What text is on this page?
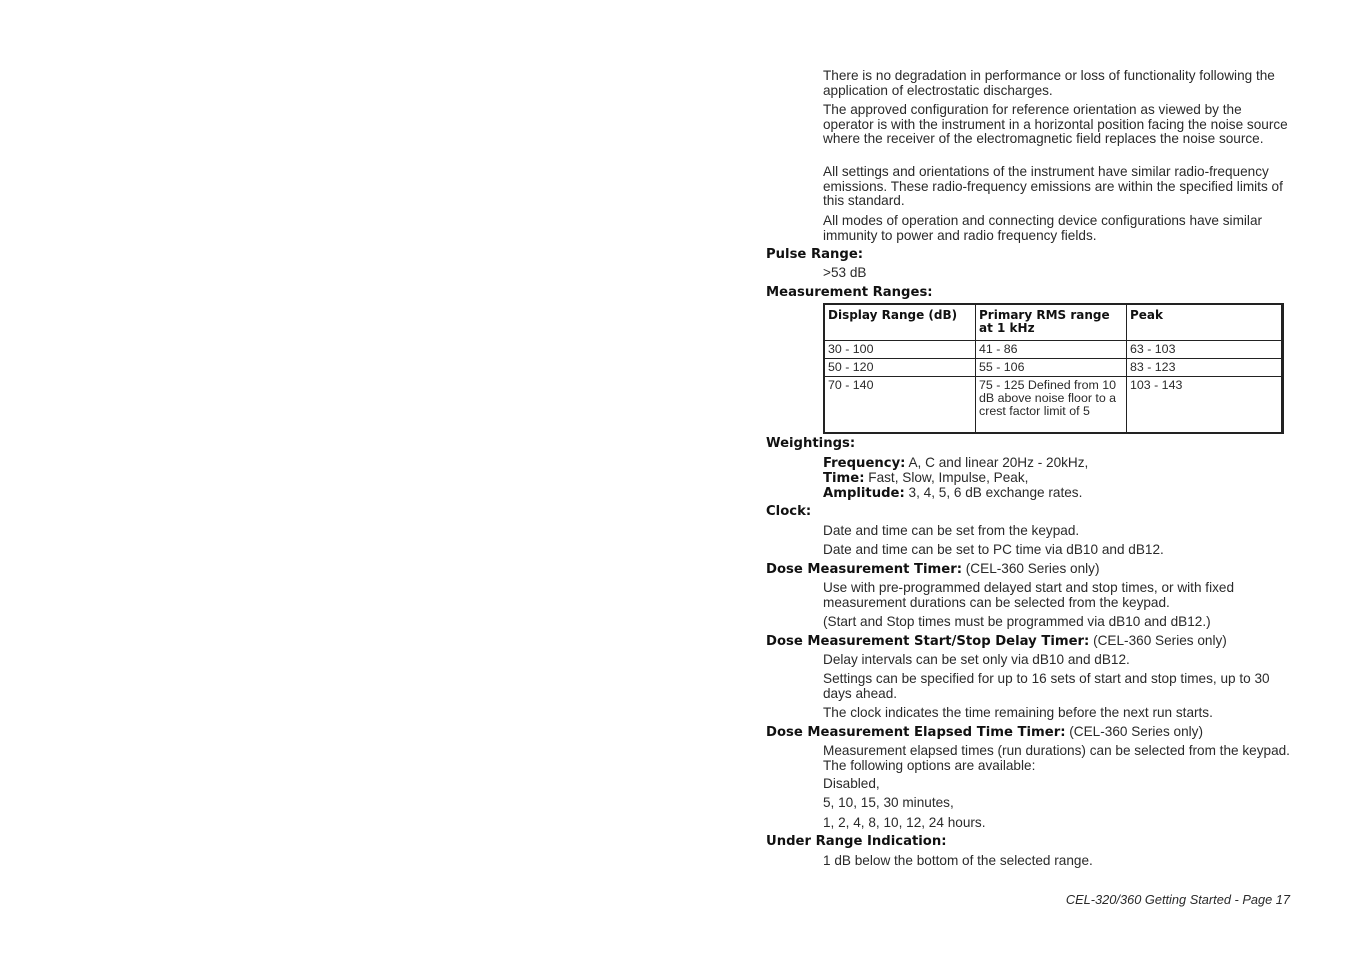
There is no degradation in performance or loss of functionality following the application of electrostatic discharges.
The approved configuration for reference orientation as viewed by the operator is with the instrument in a horizontal position facing the noise source where the receiver of the electromagnetic field replaces the noise source.
All settings and orientations of the instrument have similar radio-frequency emissions. These radio-frequency emissions are within the specified limits of this standard.
All modes of operation and connecting device configurations have similar immunity to power and radio frequency fields.
Pulse Range:
>53 dB
Measurement Ranges:
Display Range (dB)	Primary RMS range at 1 kHz	Peak
30 - 100	41 - 86	63 - 103
50 - 120	55 - 106	83 - 123
70 - 140	75 - 125 Defined from 10 dB above noise floor to a crest factor limit of 5	103 - 143
Weightings:
Frequency: A, C and linear 20Hz - 20kHz,
Time: Fast, Slow, Impulse, Peak,
Amplitude: 3, 4, 5, 6 dB exchange rates.
Clock:
Date and time can be set from the keypad.
Date and time can be set to PC time via dB10 and dB12.
Dose Measurement Timer: (CEL-360 Series only)
Use with pre-programmed delayed start and stop times, or with fixed measurement durations can be selected from the keypad.
(Start and Stop times must be programmed via dB10 and dB12.)
Dose Measurement Start/Stop Delay Timer: (CEL-360 Series only)
Delay intervals can be set only via dB10 and dB12.
Settings can be specified for up to 16 sets of start and stop times, up to 30 days ahead.
The clock indicates the time remaining before the next run starts.
Dose Measurement Elapsed Time Timer: (CEL-360 Series only)
Measurement elapsed times (run durations) can be selected from the keypad. The following options are available:
Disabled,
5, 10, 15, 30 minutes,
1, 2, 4, 8, 10, 12, 24 hours.
Under Range Indication:
1 dB below the bottom of the selected range.
CEL-320/360 Getting Started - Page 17
